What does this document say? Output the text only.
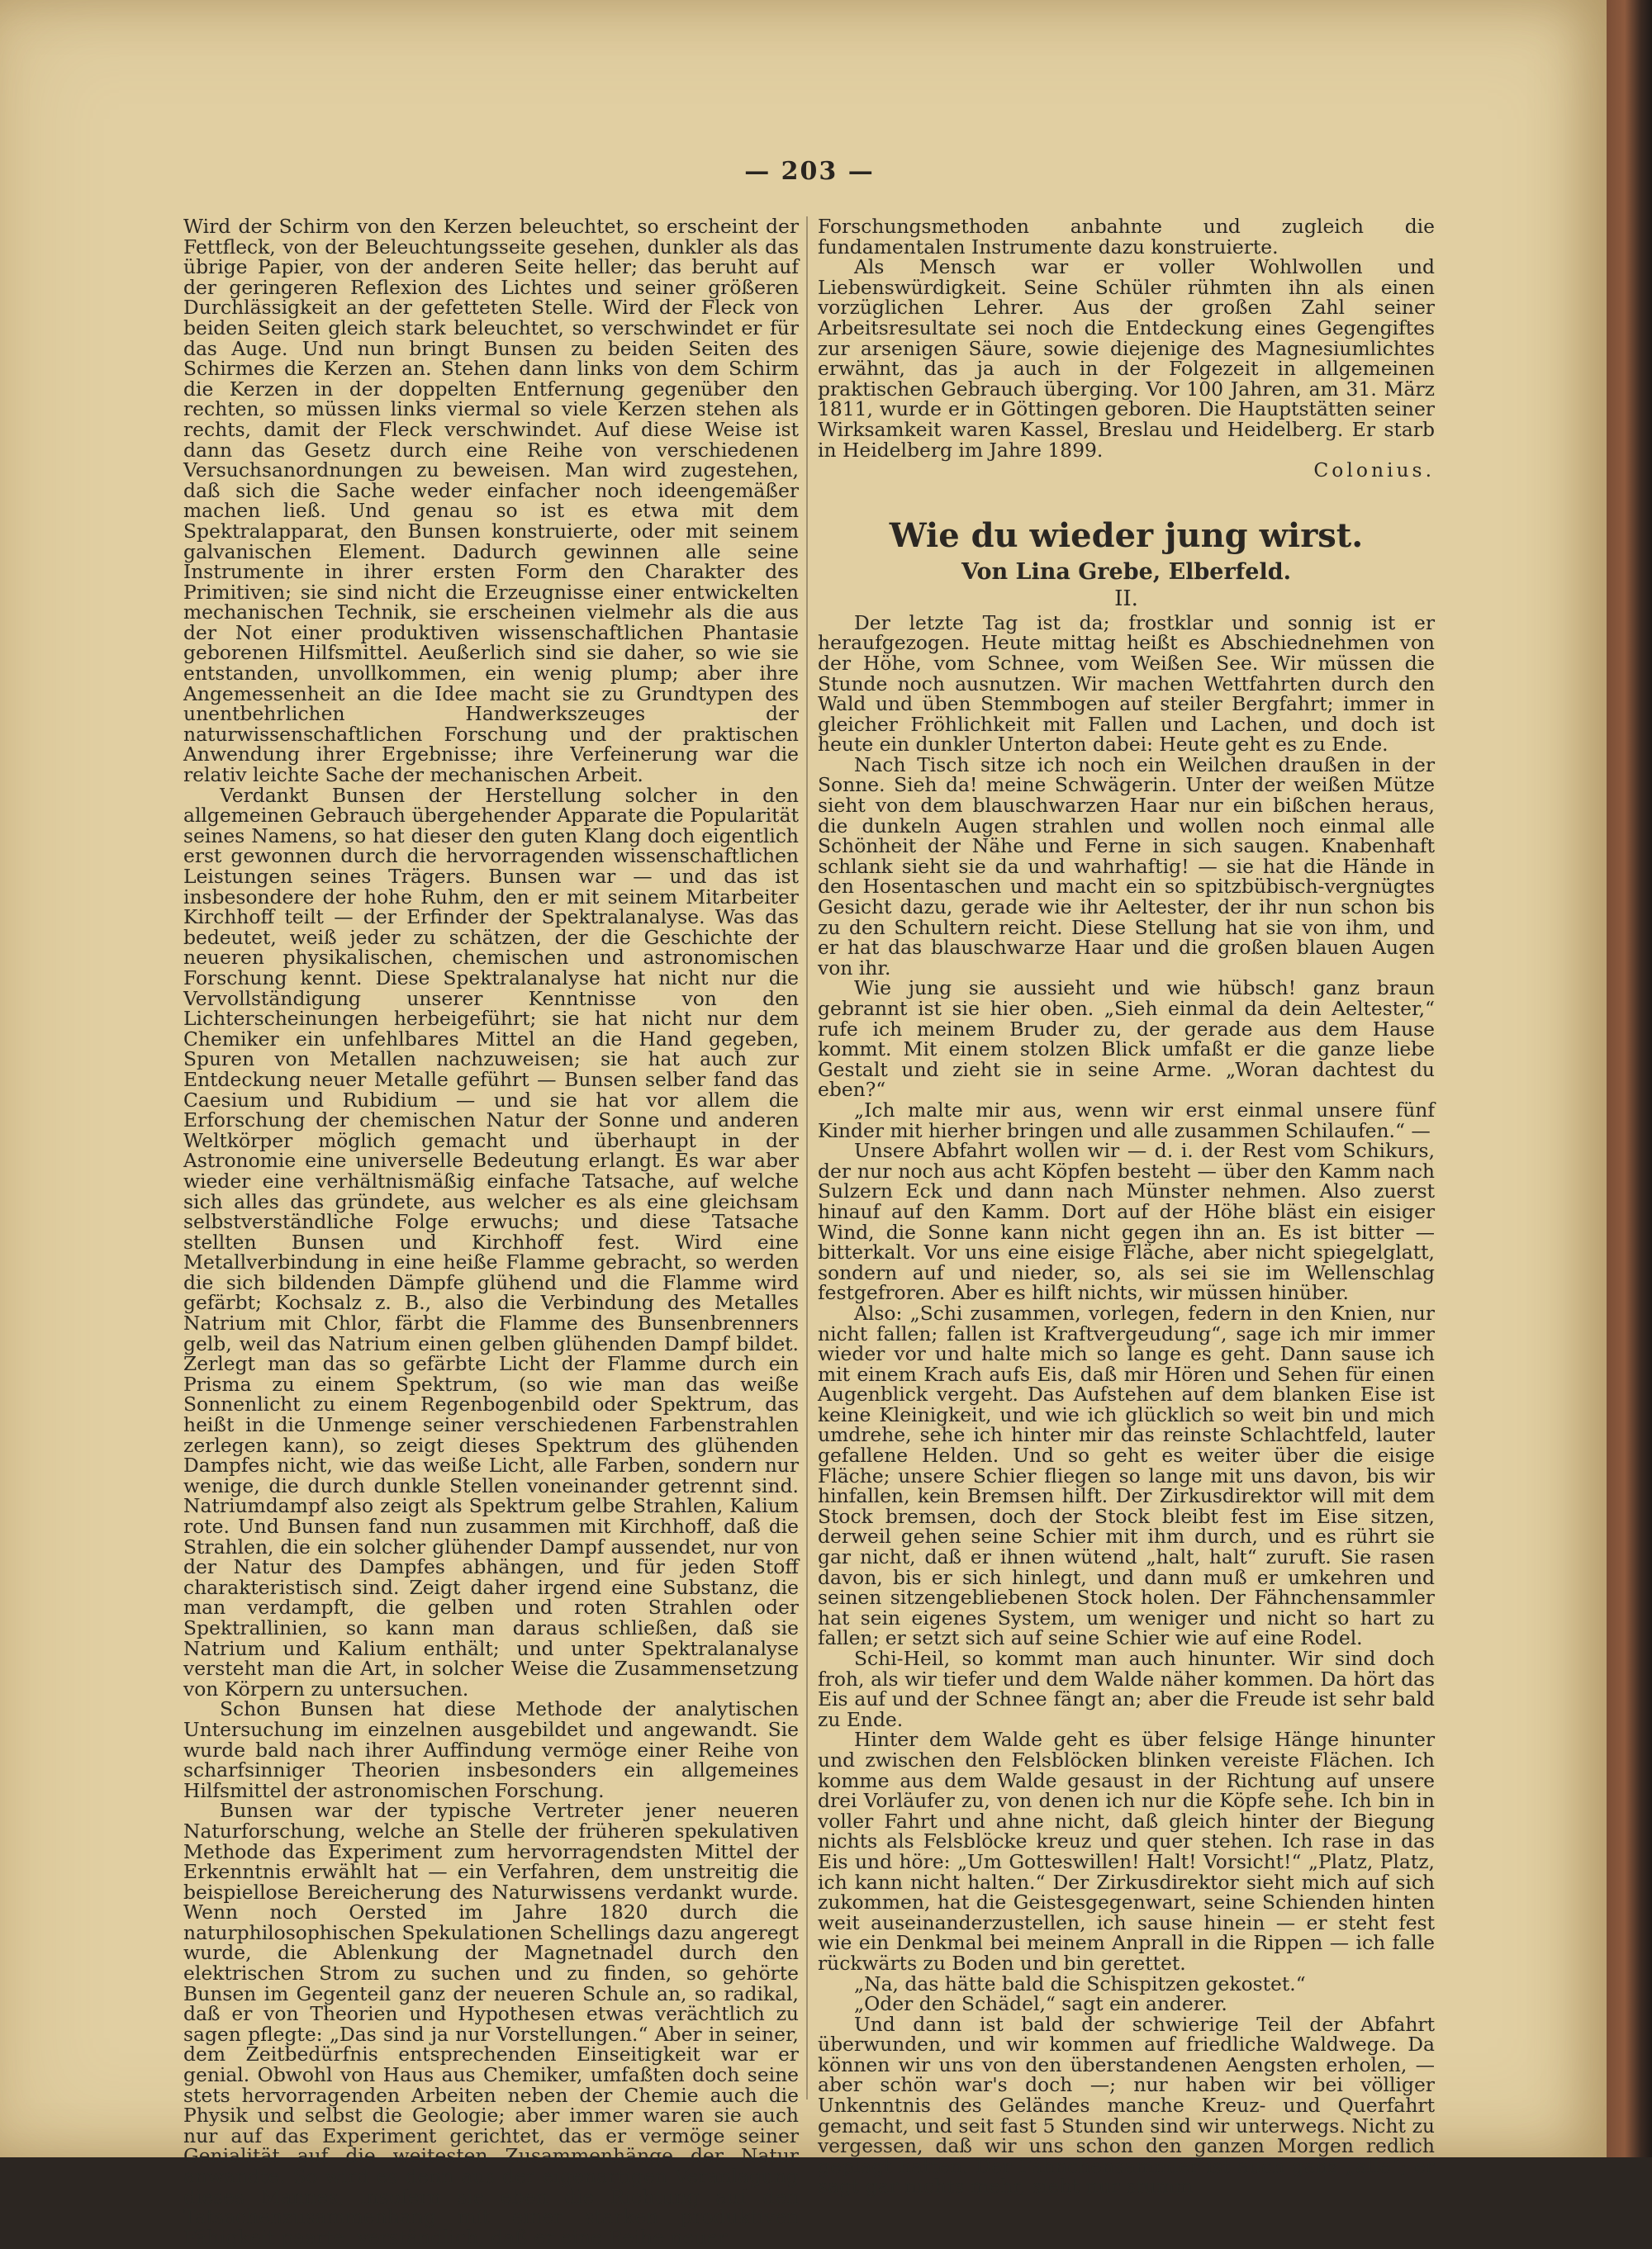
— 203 —

Wird der Schirm von den Kerzen beleuchtet, so erscheint der Fettfleck, von der Beleuchtungsseite gesehen, dunkler als das übrige Papier, von der anderen Seite heller; das beruht auf der geringeren Reflexion des Lichtes und seiner größeren Durchlässigkeit an der gefetteten Stelle. Wird der Fleck von beiden Seiten gleich stark beleuchtet, so verschwindet er für das Auge. Und nun bringt Bunsen zu beiden Seiten des Schirmes die Kerzen an. Stehen dann links von dem Schirm die Kerzen in der doppelten Entfernung gegenüber den rechten, so müssen links viermal so viele Kerzen stehen als rechts, damit der Fleck verschwindet. Auf diese Weise ist dann das Gesetz durch eine Reihe von verschiedenen Versuchsanordnungen zu beweisen. Man wird zugestehen, daß sich die Sache weder einfacher noch ideengemäßer machen ließ. Und genau so ist es etwa mit dem Spektralapparat, den Bunsen konstruierte, oder mit seinem galvanischen Element. Dadurch gewinnen alle seine Instrumente in ihrer ersten Form den Charakter des Primitiven; sie sind nicht die Erzeugnisse einer entwickelten mechanischen Technik, sie erscheinen vielmehr als die aus der Not einer produktiven wissenschaftlichen Phantasie geborenen Hilfsmittel. Aeußerlich sind sie daher, so wie sie entstanden, unvollkommen, ein wenig plump; aber ihre Angemessenheit an die Idee macht sie zu Grundtypen des unentbehrlichen Handwerkszeuges der naturwissenschaftlichen Forschung und der praktischen Anwendung ihrer Ergebnisse; ihre Verfeinerung war die relativ leichte Sache der mechanischen Arbeit.

Verdankt Bunsen der Herstellung solcher in den allgemeinen Gebrauch übergehender Apparate die Popularität seines Namens, so hat dieser den guten Klang doch eigentlich erst gewonnen durch die hervorragenden wissenschaftlichen Leistungen seines Trägers. Bunsen war — und das ist insbesondere der hohe Ruhm, den er mit seinem Mitarbeiter Kirchhoff teilt — der Erfinder der Spektralanalyse. Was das bedeutet, weiß jeder zu schätzen, der die Geschichte der neueren physikalischen, chemischen und astronomischen Forschung kennt. Diese Spektralanalyse hat nicht nur die Vervollständigung unserer Kenntnisse von den Lichterscheinungen herbeigeführt; sie hat nicht nur dem Chemiker ein unfehlbares Mittel an die Hand gegeben, Spuren von Metallen nachzuweisen; sie hat auch zur Entdeckung neuer Metalle geführt — Bunsen selber fand das Caesium und Rubidium — und sie hat vor allem die Erforschung der chemischen Natur der Sonne und anderen Weltkörper möglich gemacht und überhaupt in der Astronomie eine universelle Bedeutung erlangt. Es war aber wieder eine verhältnismäßig einfache Tatsache, auf welche sich alles das gründete, aus welcher es als eine gleichsam selbstverständliche Folge erwuchs; und diese Tatsache stellten Bunsen und Kirchhoff fest. Wird eine Metallverbindung in eine heiße Flamme gebracht, so werden die sich bildenden Dämpfe glühend und die Flamme wird gefärbt; Kochsalz z. B., also die Verbindung des Metalles Natrium mit Chlor, färbt die Flamme des Bunsenbrenners gelb, weil das Natrium einen gelben glühenden Dampf bildet. Zerlegt man das so gefärbte Licht der Flamme durch ein Prisma zu einem Spektrum, (so wie man das weiße Sonnenlicht zu einem Regenbogenbild oder Spektrum, das heißt in die Unmenge seiner verschiedenen Farbenstrahlen zerlegen kann), so zeigt dieses Spektrum des glühenden Dampfes nicht, wie das weiße Licht, alle Farben, sondern nur wenige, die durch dunkle Stellen voneinander getrennt sind. Natriumdampf also zeigt als Spektrum gelbe Strahlen, Kalium rote. Und Bunsen fand nun zusammen mit Kirchhoff, daß die Strahlen, die ein solcher glühender Dampf aussendet, nur von der Natur des Dampfes abhängen, und für jeden Stoff charakteristisch sind. Zeigt daher irgend eine Substanz, die man verdampft, die gelben und roten Strahlen oder Spektrallinien, so kann man daraus schließen, daß sie Natrium und Kalium enthält; und unter Spektralanalyse versteht man die Art, in solcher Weise die Zusammensetzung von Körpern zu untersuchen.

Schon Bunsen hat diese Methode der analytischen Untersuchung im einzelnen ausgebildet und angewandt. Sie wurde bald nach ihrer Auffindung vermöge einer Reihe von scharfsinniger Theorien insbesonders ein allgemeines Hilfsmittel der astronomischen Forschung.

Bunsen war der typische Vertreter jener neueren Naturforschung, welche an Stelle der früheren spekulativen Methode das Experiment zum hervorragendsten Mittel der Erkenntnis erwählt hat — ein Verfahren, dem unstreitig die beispiellose Bereicherung des Naturwissens verdankt wurde. Wenn noch Oersted im Jahre 1820 durch die naturphilosophischen Spekulationen Schellings dazu angeregt wurde, die Ablenkung der Magnetnadel durch den elektrischen Strom zu suchen und zu finden, so gehörte Bunsen im Gegenteil ganz der neueren Schule an, so radikal, daß er von Theorien und Hypothesen etwas verächtlich zu sagen pflegte: „Das sind ja nur Vorstellungen.“ Aber in seiner, dem Zeitbedürfnis entsprechenden Einseitigkeit war er genial. Obwohl von Haus aus Chemiker, umfaßten doch seine stets hervorragenden Arbeiten neben der Chemie auch die Physik und selbst die Geologie; aber immer waren sie auch nur auf das Experiment gerichtet, das er vermöge seiner Genialität auf die weitesten Zusammenhänge der Natur anwandte. So wird es denn aus der eigenartigen Veranlagung dieses Mannes, insofern sie eben die Richtung auf den Tatsachenzusammenhang mit einer starken produktiven Fähigkeit paarte, verständlich, daß er eine Reihe neuer

Forschungsmethoden anbahnte und zugleich die fundamentalen Instrumente dazu konstruierte.

Als Mensch war er voller Wohlwollen und Liebenswürdigkeit. Seine Schüler rühmten ihn als einen vorzüglichen Lehrer. Aus der großen Zahl seiner Arbeitsresultate sei noch die Entdeckung eines Gegengiftes zur arsenigen Säure, sowie diejenige des Magnesiumlichtes erwähnt, das ja auch in der Folgezeit in allgemeinen praktischen Gebrauch überging. Vor 100 Jahren, am 31. März 1811, wurde er in Göttingen geboren. Die Hauptstätten seiner Wirksamkeit waren Kassel, Breslau und Heidelberg. Er starb in Heidelberg im Jahre 1899.

Colonius.

Wie du wieder jung wirst.
Von Lina Grebe, Elberfeld.
II.

Der letzte Tag ist da; frostklar und sonnig ist er heraufgezogen. Heute mittag heißt es Abschiednehmen von der Höhe, vom Schnee, vom Weißen See. Wir müssen die Stunde noch ausnutzen. Wir machen Wettfahrten durch den Wald und üben Stemmbogen auf steiler Bergfahrt; immer in gleicher Fröhlichkeit mit Fallen und Lachen, und doch ist heute ein dunkler Unterton dabei: Heute geht es zu Ende.

Nach Tisch sitze ich noch ein Weilchen draußen in der Sonne. Sieh da! meine Schwägerin. Unter der weißen Mütze sieht von dem blauschwarzen Haar nur ein bißchen heraus, die dunkeln Augen strahlen und wollen noch einmal alle Schönheit der Nähe und Ferne in sich saugen. Knabenhaft schlank sieht sie da und wahrhaftig! — sie hat die Hände in den Hosentaschen und macht ein so spitzbübisch-vergnügtes Gesicht dazu, gerade wie ihr Aeltester, der ihr nun schon bis zu den Schultern reicht. Diese Stellung hat sie von ihm, und er hat das blauschwarze Haar und die großen blauen Augen von ihr.

Wie jung sie aussieht und wie hübsch! ganz braun gebrannt ist sie hier oben. „Sieh einmal da dein Aeltester,“ rufe ich meinem Bruder zu, der gerade aus dem Hause kommt. Mit einem stolzen Blick umfaßt er die ganze liebe Gestalt und zieht sie in seine Arme. „Woran dachtest du eben?“

„Ich malte mir aus, wenn wir erst einmal unsere fünf Kinder mit hierher bringen und alle zusammen Schilaufen.“ —

Unsere Abfahrt wollen wir — d. i. der Rest vom Schikurs, der nur noch aus acht Köpfen besteht — über den Kamm nach Sulzern Eck und dann nach Münster nehmen. Also zuerst hinauf auf den Kamm. Dort auf der Höhe bläst ein eisiger Wind, die Sonne kann nicht gegen ihn an. Es ist bitter — bitterkalt. Vor uns eine eisige Fläche, aber nicht spiegelglatt, sondern auf und nieder, so, als sei sie im Wellenschlag festgefroren. Aber es hilft nichts, wir müssen hinüber.

Also: „Schi zusammen, vorlegen, federn in den Knien, nur nicht fallen; fallen ist Kraftvergeudung“, sage ich mir immer wieder vor und halte mich so lange es geht. Dann sause ich mit einem Krach aufs Eis, daß mir Hören und Sehen für einen Augenblick vergeht. Das Aufstehen auf dem blanken Eise ist keine Kleinigkeit, und wie ich glücklich so weit bin und mich umdrehe, sehe ich hinter mir das reinste Schlachtfeld, lauter gefallene Helden. Und so geht es weiter über die eisige Fläche; unsere Schier fliegen so lange mit uns davon, bis wir hinfallen, kein Bremsen hilft. Der Zirkusdirektor will mit dem Stock bremsen, doch der Stock bleibt fest im Eise sitzen, derweil gehen seine Schier mit ihm durch, und es rührt sie gar nicht, daß er ihnen wütend „halt, halt“ zuruft. Sie rasen davon, bis er sich hinlegt, und dann muß er umkehren und seinen sitzengebliebenen Stock holen. Der Fähnchensammler hat sein eigenes System, um weniger und nicht so hart zu fallen; er setzt sich auf seine Schier wie auf eine Rodel.

Schi-Heil, so kommt man auch hinunter. Wir sind doch froh, als wir tiefer und dem Walde näher kommen. Da hört das Eis auf und der Schnee fängt an; aber die Freude ist sehr bald zu Ende.

Hinter dem Walde geht es über felsige Hänge hinunter und zwischen den Felsblöcken blinken vereiste Flächen. Ich komme aus dem Walde gesaust in der Richtung auf unsere drei Vorläufer zu, von denen ich nur die Köpfe sehe. Ich bin in voller Fahrt und ahne nicht, daß gleich hinter der Biegung nichts als Felsblöcke kreuz und quer stehen. Ich rase in das Eis und höre: „Um Gotteswillen! Halt! Vorsicht!“ „Platz, Platz, ich kann nicht halten.“ Der Zirkusdirektor sieht mich auf sich zukommen, hat die Geistesgegenwart, seine Schienden hinten weit auseinanderzustellen, ich sause hinein — er steht fest wie ein Denkmal bei meinem Anprall in die Rippen — ich falle rückwärts zu Boden und bin gerettet.

„Na, das hätte bald die Schispitzen gekostet.“

„Oder den Schädel,“ sagt ein anderer.

Und dann ist bald der schwierige Teil der Abfahrt überwunden, und wir kommen auf friedliche Waldwege. Da können wir uns von den überstandenen Aengsten erholen, — aber schön war's doch —; nur haben wir bei völliger Unkenntnis des Geländes manche Kreuz- und Querfahrt gemacht, und seit fast 5 Stunden sind wir unterwegs. Nicht zu vergessen, daß wir uns schon den ganzen Morgen redlich geplagt hatten. Der Fähnchensammler ist auch ganz „alle“; er sagt gar nichts mehr, sieht nur stumm
